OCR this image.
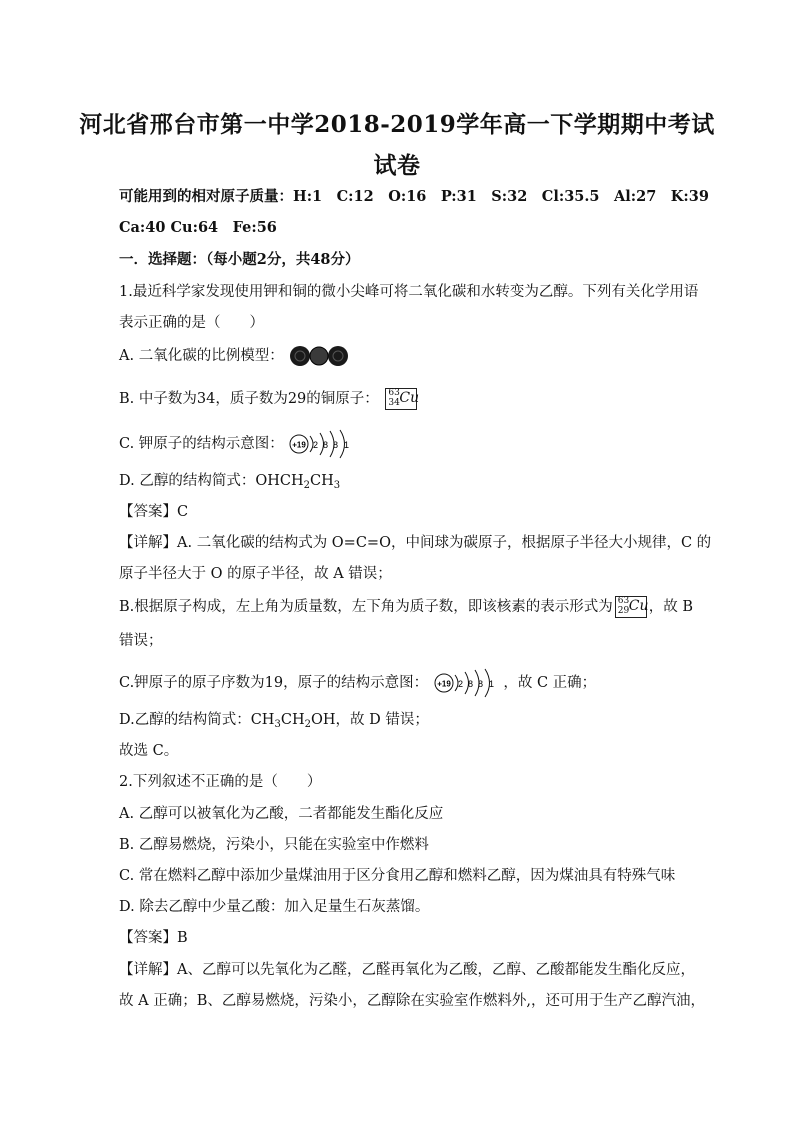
河北省邢台市第一中学2018-2019学年高一下学期期中考试
试卷
可能用到的相对原子质量：H:1　C:12　O:16　P:31　S:32　Cl:35.5　Al:27　K:39
Ca:40 Cu:64　Fe:56
一．选择题：（每小题2分，共48分）
1.最近科学家发现使用钾和铜的微小尖峰可将二氧化碳和水转变为乙醇。下列有关化学用语
表示正确的是（　　）
A. 二氧化碳的比例模型：
B. 中子数为34，质子数为29的铜原子： 63
34 Cu
C. 钾原子的结构示意图： +19 2 8 8 1
D. 乙醇的结构简式：$OHCH_2CH_3$
【答案】C
【详解】A. 二氧化碳的结构式为 O=C=O，中间球为碳原子，根据原子半径大小规律，C 的
原子半径大于 O 的原子半径，故 A 错误；
B.根据原子构成，左上角为质量数，左下角为质子数，即该核素的表示形式为 63
29 Cu ，故 B
错误；
C.钾原子的原子序数为19，原子的结构示意图： +19 2 8 8 1 ，故 C 正确；
D.乙醇的结构简式：$CH_3CH_2OH$，故 D 错误；
故选 C。
2.下列叙述不正确的是（　　）
A. 乙醇可以被氧化为乙酸，二者都能发生酯化反应
B. 乙醇易燃烧，污染小，只能在实验室中作燃料
C. 常在燃料乙醇中添加少量煤油用于区分食用乙醇和燃料乙醇，因为煤油具有特殊气味
D. 除去乙醇中少量乙酸：加入足量生石灰蒸馏。
【答案】B
【详解】A、乙醇可以先氧化为乙醛，乙醛再氧化为乙酸，乙醇、乙酸都能发生酯化反应，
故 A 正确；B、乙醇易燃烧，污染小，乙醇除在实验室作燃料外,，还可用于生产乙醇汽油，
